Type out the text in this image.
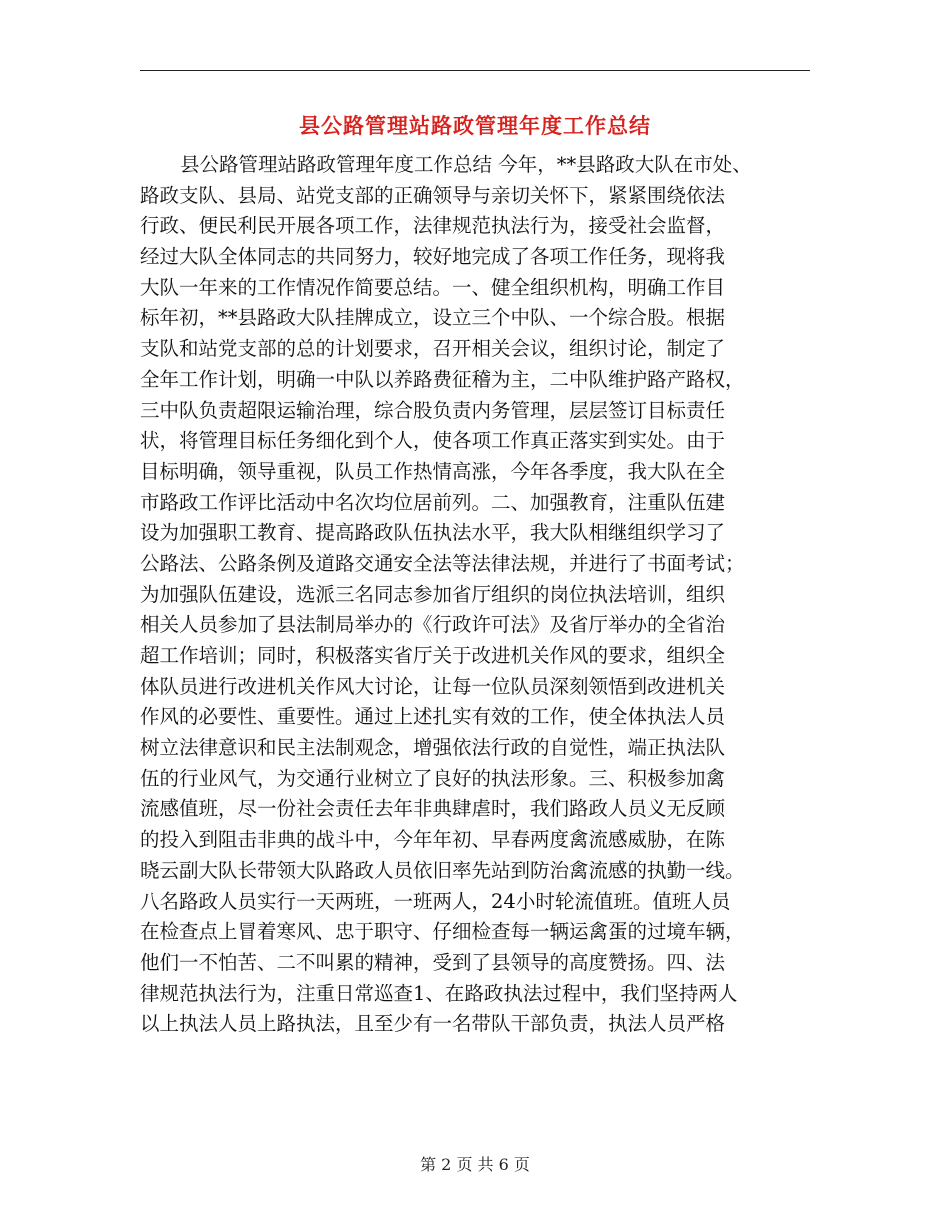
县公路管理站路政管理年度工作总结
县公路管理站路政管理年度工作总结 今年，**县路政大队在市处、
路政支队、县局、站党支部的正确领导与亲切关怀下，紧紧围绕依法
行政、便民利民开展各项工作，法律规范执法行为，接受社会监督，
经过大队全体同志的共同努力，较好地完成了各项工作任务，现将我
大队一年来的工作情况作简要总结。一、健全组织机构，明确工作目
标年初，**县路政大队挂牌成立，设立三个中队、一个综合股。根据
支队和站党支部的总的计划要求，召开相关会议，组织讨论，制定了
全年工作计划，明确一中队以养路费征稽为主，二中队维护路产路权，
三中队负责超限运输治理，综合股负责内务管理，层层签订目标责任
状，将管理目标任务细化到个人，使各项工作真正落实到实处。由于
目标明确，领导重视，队员工作热情高涨，今年各季度，我大队在全
市路政工作评比活动中名次均位居前列。二、加强教育，注重队伍建
设为加强职工教育、提高路政队伍执法水平，我大队相继组织学习了
公路法、公路条例及道路交通安全法等法律法规，并进行了书面考试；
为加强队伍建设，选派三名同志参加省厅组织的岗位执法培训，组织
相关人员参加了县法制局举办的《行政许可法》及省厅举办的全省治
超工作培训；同时，积极落实省厅关于改进机关作风的要求，组织全
体队员进行改进机关作风大讨论，让每一位队员深刻领悟到改进机关
作风的必要性、重要性。通过上述扎实有效的工作，使全体执法人员
树立法律意识和民主法制观念，增强依法行政的自觉性，端正执法队
伍的行业风气，为交通行业树立了良好的执法形象。三、积极参加禽
流感值班，尽一份社会责任去年非典肆虐时，我们路政人员义无反顾
的投入到阻击非典的战斗中，今年年初、早春两度禽流感威胁，在陈
晓云副大队长带领大队路政人员依旧率先站到防治禽流感的执勤一线。
八名路政人员实行一天两班，一班两人，24小时轮流值班。值班人员
在检查点上冒着寒风、忠于职守、仔细检查每一辆运禽蛋的过境车辆，
他们一不怕苦、二不叫累的精神，受到了县领导的高度赞扬。四、法
律规范执法行为，注重日常巡查1、在路政执法过程中，我们坚持两人
以上执法人员上路执法，且至少有一名带队干部负责，执法人员严格
第 2 页 共 6 页
